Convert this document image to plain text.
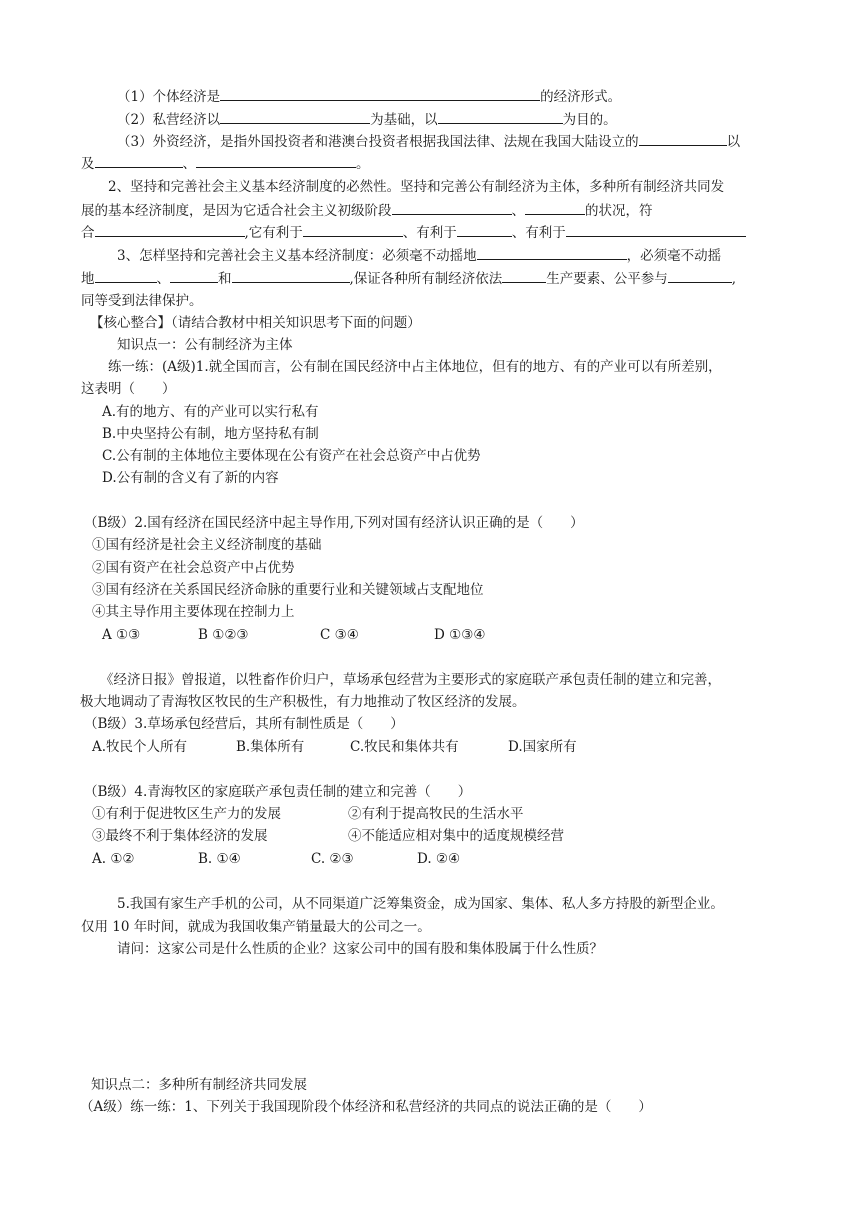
（1）个体经济是	的经济形式。
（2）私营经济以	为基础，以	为目的。
（3）外资经济，是指外国投资者和港澳台投资者根据我国法律、法规在我国大陆设立的	以
及	、	。
2、坚持和完善社会主义基本经济制度的必然性。坚持和完善公有制经济为主体，多种所有制经济共同发
展的基本经济制度，是因为它适合社会主义初级阶段	、	的状况，符
合	,它有利于	、有利于	、有利于
3、怎样坚持和完善社会主义基本经济制度：必须毫不动摇地	，必须毫不动摇
地	、	和	,保证各种所有制经济依法	生产要素、公平参与	,
同等受到法律保护。
【核心整合】（请结合教材中相关知识思考下面的问题）
知识点一：公有制经济为主体
练一练：(A级)1.就全国而言，公有制在国民经济中占主体地位，但有的地方、有的产业可以有所差别，
这表明（　　）
A.有的地方、有的产业可以实行私有
B.中央坚持公有制，地方坚持私有制
C.公有制的主体地位主要体现在公有资产在社会总资产中占优势
D.公有制的含义有了新的内容
（B级）2.国有经济在国民经济中起主导作用,下列对国有经济认识正确的是（　　）
①国有经济是社会主义经济制度的基础
②国有资产在社会总资产中占优势
③国有经济在关系国民经济命脉的重要行业和关键领域占支配地位
④其主导作用主要体现在控制力上
A ①③	B ①②③	C ③④	D ①③④
《经济日报》曾报道，以牲畜作价归户，草场承包经营为主要形式的家庭联产承包责任制的建立和完善，
极大地调动了青海牧区牧民的生产积极性，有力地推动了牧区经济的发展。
（B级）3.草场承包经营后，其所有制性质是（　　）
A.牧民个人所有	B.集体所有	C.牧民和集体共有	D.国家所有
（B级）4.青海牧区的家庭联产承包责任制的建立和完善（　　）
①有利于促进牧区生产力的发展	②有利于提高牧民的生活水平
③最终不利于集体经济的发展	④不能适应相对集中的适度规模经营
A. ①②	B. ①④	C. ②③	D. ②④
5.我国有家生产手机的公司，从不同渠道广泛筹集资金，成为国家、集体、私人多方持股的新型企业。
仅用 10 年时间，就成为我国收集产销量最大的公司之一。
请问：这家公司是什么性质的企业？这家公司中的国有股和集体股属于什么性质？
知识点二：多种所有制经济共同发展
（A级）练一练：1、下列关于我国现阶段个体经济和私营经济的共同点的说法正确的是（　　）
